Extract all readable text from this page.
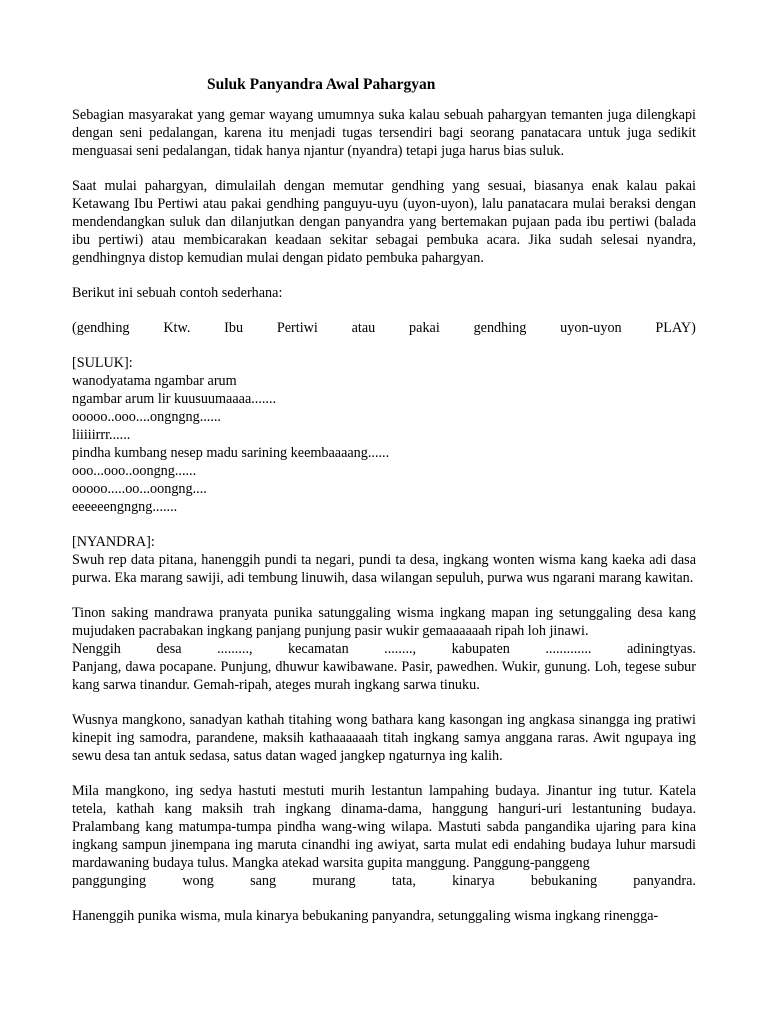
Suluk Panyandra Awal Pahargyan

Sebagian masyarakat yang gemar wayang umumnya suka kalau sebuah pahargyan temanten juga dilengkapi dengan seni pedalangan, karena itu menjadi tugas tersendiri bagi seorang panatacara untuk juga sedikit menguasai seni pedalangan, tidak hanya njantur (nyandra) tetapi juga harus bias suluk.

Saat mulai pahargyan, dimulailah dengan memutar gendhing yang sesuai, biasanya enak kalau pakai Ketawang Ibu Pertiwi atau pakai gendhing panguyu-uyu (uyon-uyon), lalu panatacara mulai beraksi dengan mendendangkan suluk dan dilanjutkan dengan panyandra yang bertemakan pujaan pada ibu pertiwi (balada ibu pertiwi) atau membicarakan keadaan sekitar sebagai pembuka acara. Jika sudah selesai nyandra, gendhingnya distop kemudian mulai dengan pidato pembuka pahargyan.

Berikut ini sebuah contoh sederhana:

(gendhing Ktw. Ibu Pertiwi atau pakai gendhing uyon-uyon PLAY)
[SULUK]:
wanodyatama ngambar arum
ngambar arum lir kuusuumaaaa.......
ooooo..ooo....ongngng......
liiiiirrr......
pindha kumbang nesep madu sarining keembaaaang......
ooo...ooo..oongng......
ooooo.....oo...oongng....
eeeeeengngng.......
[NYANDRA]:

Swuh rep data pitana, hanenggih pundi ta negari, pundi ta desa, ingkang wonten wisma kang kaeka adi dasa purwa. Eka marang sawiji, adi tembung linuwih, dasa wilangan sepuluh, purwa wus ngarani marang kawitan.

Tinon saking mandrawa pranyata punika satunggaling wisma ingkang mapan ing setunggaling desa kang mujudaken pacrabakan ingkang panjang punjung pasir wukir gemaaaaaah ripah loh jinawi.

Nenggih desa ........., kecamatan ........, kabupaten ............. adiningtyas.

Panjang, dawa pocapane. Punjung, dhuwur kawibawane. Pasir, pawedhen. Wukir, gunung. Loh, tegese subur kang sarwa tinandur. Gemah-ripah, ateges murah ingkang sarwa tinuku.

Wusnya mangkono, sanadyan kathah titahing wong bathara kang kasongan ing angkasa sinangga ing pratiwi kinepit ing samodra, parandene, maksih kathaaaaaah titah ingkang samya anggana raras. Awit ngupaya ing sewu desa tan antuk sedasa, satus datan waged jangkep ngaturnya ing kalih.

Mila mangkono, ing sedya hastuti mestuti murih lestantun lampahing budaya. Jinantur ing tutur. Katela tetela, kathah kang maksih trah ingkang dinama-dama, hanggung hanguri-uri lestantuning budaya. Pralambang kang matumpa-tumpa pindha wang-wing wilapa. Mastuti sabda pangandika ujaring para kina ingkang sampun jinempana ing maruta cinandhi ing awiyat, sarta mulat edi endahing budaya luhur marsudi mardawaning budaya tulus. Mangka atekad warsita gupita manggung. Panggung-panggeng

panggunging	wong	sang	murang	tata,	kinarya	bebukaning	panyandra.

Hanenggih punika wisma, mula kinarya bebukaning panyandra, setunggaling wisma ingkang rinengga-
